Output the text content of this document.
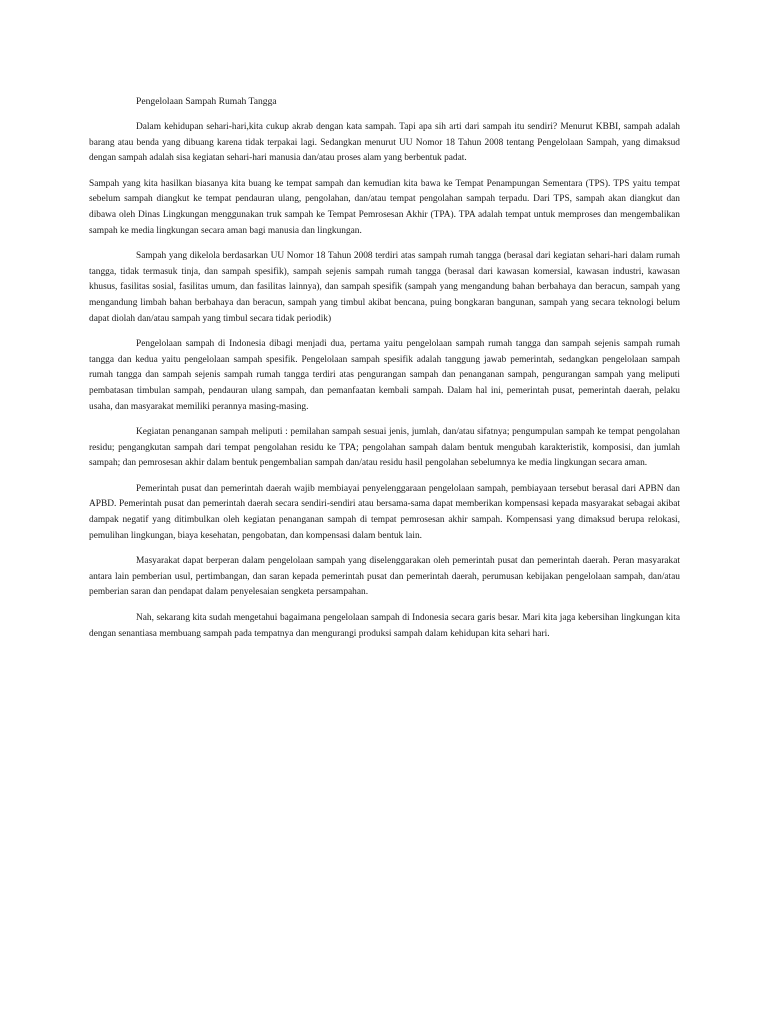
Pengelolaan Sampah Rumah Tangga

Dalam kehidupan sehari-hari,kita cukup akrab dengan kata sampah. Tapi apa sih arti dari sampah itu sendiri? Menurut KBBI, sampah adalah barang atau benda yang dibuang karena tidak terpakai lagi. Sedangkan menurut UU Nomor 18 Tahun 2008 tentang Pengelolaan Sampah, yang dimaksud dengan sampah adalah sisa kegiatan sehari-hari manusia dan/atau proses alam yang berbentuk padat.

Sampah yang kita hasilkan biasanya kita buang ke tempat sampah dan kemudian kita bawa ke Tempat Penampungan Sementara (TPS). TPS yaitu tempat sebelum sampah diangkut ke tempat pendauran ulang, pengolahan, dan/atau tempat pengolahan sampah terpadu. Dari TPS, sampah akan diangkut dan dibawa oleh Dinas Lingkungan menggunakan truk sampah ke Tempat Pemrosesan Akhir (TPA). TPA adalah tempat untuk memproses dan mengembalikan sampah ke media lingkungan secara aman bagi manusia dan lingkungan.

Sampah yang dikelola berdasarkan UU Nomor 18 Tahun 2008 terdiri atas sampah rumah tangga (berasal dari kegiatan sehari-hari dalam rumah tangga, tidak termasuk tinja, dan sampah spesifik), sampah sejenis sampah rumah tangga (berasal dari kawasan komersial, kawasan industri, kawasan khusus, fasilitas sosial, fasilitas umum, dan fasilitas lainnya), dan sampah spesifik (sampah yang mengandung bahan berbahaya dan beracun, sampah yang mengandung limbah bahan berbahaya dan beracun, sampah yang timbul akibat bencana, puing bongkaran bangunan, sampah yang secara teknologi belum dapat diolah dan/atau sampah yang timbul secara tidak periodik)

Pengelolaan sampah di Indonesia dibagi menjadi dua, pertama yaitu pengelolaan sampah rumah tangga dan sampah sejenis sampah rumah tangga dan kedua yaitu pengelolaan sampah spesifik. Pengelolaan sampah spesifik adalah tanggung jawab pemerintah, sedangkan pengelolaan sampah rumah tangga dan sampah sejenis sampah rumah tangga terdiri atas pengurangan sampah dan penanganan sampah, pengurangan sampah yang meliputi pembatasan timbulan sampah, pendauran ulang sampah, dan pemanfaatan kembali sampah. Dalam hal ini, pemerintah pusat, pemerintah daerah, pelaku usaha, dan masyarakat memiliki perannya masing-masing.

Kegiatan penanganan sampah meliputi : pemilahan sampah sesuai jenis, jumlah, dan/atau sifatnya; pengumpulan sampah ke tempat pengolahan residu; pengangkutan sampah dari tempat pengolahan residu ke TPA; pengolahan sampah dalam bentuk mengubah karakteristik, komposisi, dan jumlah sampah; dan pemrosesan akhir dalam bentuk pengembalian sampah dan/atau residu hasil pengolahan sebelumnya ke media lingkungan secara aman.

Pemerintah pusat dan pemerintah daerah wajib membiayai penyelenggaraan pengelolaan sampah, pembiayaan tersebut berasal dari APBN dan APBD. Pemerintah pusat dan pemerintah daerah secara sendiri-sendiri atau bersama-sama dapat memberikan kompensasi kepada masyarakat sebagai akibat dampak negatif yang ditimbulkan oleh kegiatan penanganan sampah di tempat pemrosesan akhir sampah. Kompensasi yang dimaksud berupa relokasi, pemulihan lingkungan, biaya kesehatan, pengobatan, dan kompensasi dalam bentuk lain.

Masyarakat dapat berperan dalam pengelolaan sampah yang diselenggarakan oleh pemerintah pusat dan pemerintah daerah. Peran masyarakat antara lain pemberian usul, pertimbangan, dan saran kepada pemerintah pusat dan pemerintah daerah, perumusan kebijakan pengelolaan sampah, dan/atau pemberian saran dan pendapat dalam penyelesaian sengketa persampahan.

Nah, sekarang kita sudah mengetahui bagaimana pengelolaan sampah di Indonesia secara garis besar. Mari kita jaga kebersihan lingkungan kita dengan senantiasa membuang sampah pada tempatnya dan mengurangi produksi sampah dalam kehidupan kita sehari hari.
